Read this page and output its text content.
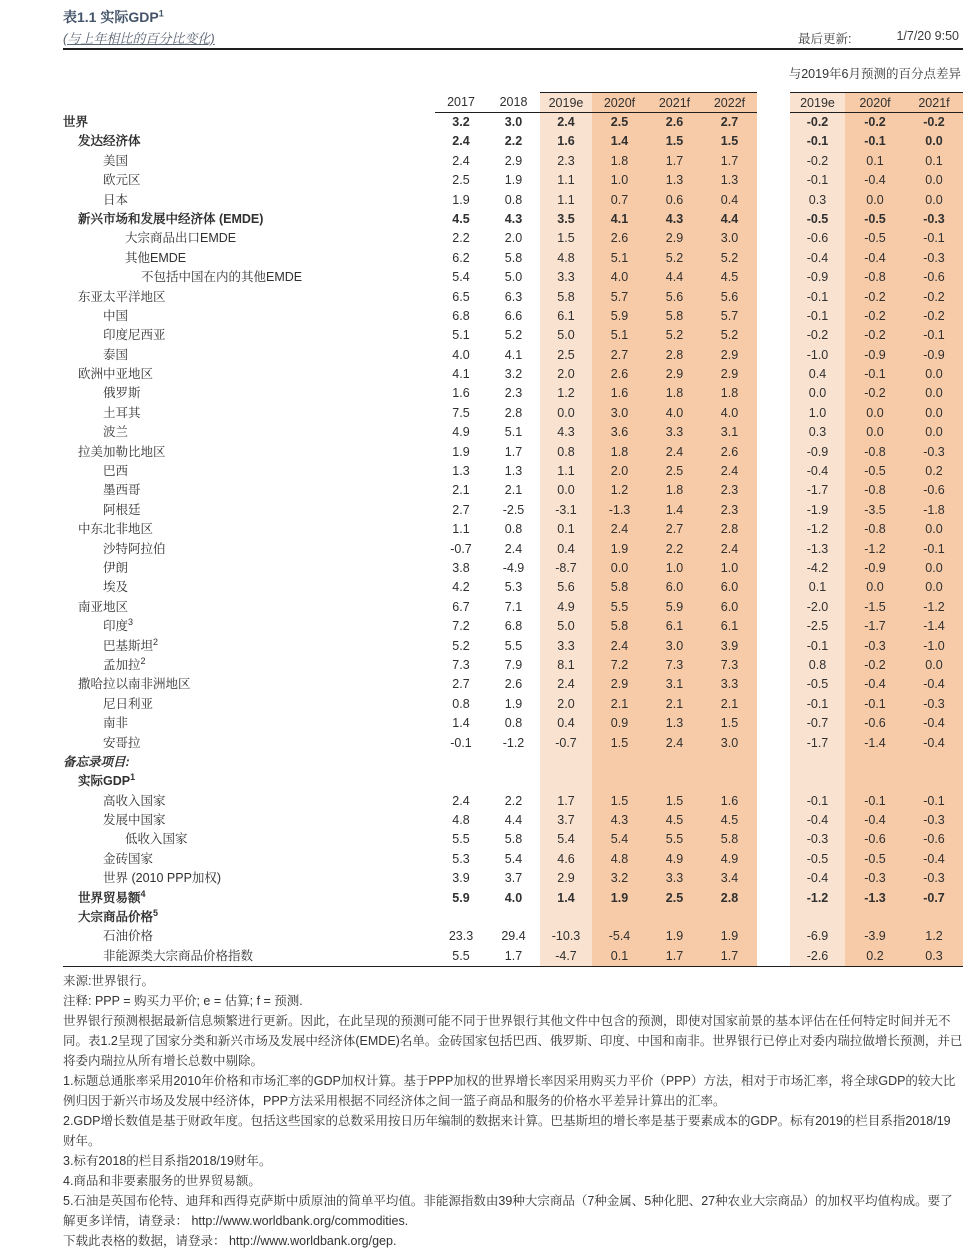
表1.1 实际GDP$^1$
(与上年相比的百分比变化)	最后更新:	1/7/20 9:50
与2019年6月预测的百分点差异
2017	2018	2019e	2020f	2021f	2022f	2019e	2020f	2021f
世界	3.2	3.0	2.4	2.5	2.6	2.7	-0.2	-0.2	-0.2
发达经济体	2.4	2.2	1.6	1.4	1.5	1.5	-0.1	-0.1	0.0
美国	2.4	2.9	2.3	1.8	1.7	1.7	-0.2	0.1	0.1
欧元区	2.5	1.9	1.1	1.0	1.3	1.3	-0.1	-0.4	0.0
日本	1.9	0.8	1.1	0.7	0.6	0.4	0.3	0.0	0.0
新兴市场和发展中经济体 (EMDE)	4.5	4.3	3.5	4.1	4.3	4.4	-0.5	-0.5	-0.3
大宗商品出口EMDE	2.2	2.0	1.5	2.6	2.9	3.0	-0.6	-0.5	-0.1
其他EMDE	6.2	5.8	4.8	5.1	5.2	5.2	-0.4	-0.4	-0.3
不包括中国在内的其他EMDE	5.4	5.0	3.3	4.0	4.4	4.5	-0.9	-0.8	-0.6
东亚太平洋地区	6.5	6.3	5.8	5.7	5.6	5.6	-0.1	-0.2	-0.2
中国	6.8	6.6	6.1	5.9	5.8	5.7	-0.1	-0.2	-0.2
印度尼西亚	5.1	5.2	5.0	5.1	5.2	5.2	-0.2	-0.2	-0.1
泰国	4.0	4.1	2.5	2.7	2.8	2.9	-1.0	-0.9	-0.9
欧洲中亚地区	4.1	3.2	2.0	2.6	2.9	2.9	0.4	-0.1	0.0
俄罗斯	1.6	2.3	1.2	1.6	1.8	1.8	0.0	-0.2	0.0
土耳其	7.5	2.8	0.0	3.0	4.0	4.0	1.0	0.0	0.0
波兰	4.9	5.1	4.3	3.6	3.3	3.1	0.3	0.0	0.0
拉美加勒比地区	1.9	1.7	0.8	1.8	2.4	2.6	-0.9	-0.8	-0.3
巴西	1.3	1.3	1.1	2.0	2.5	2.4	-0.4	-0.5	0.2
墨西哥	2.1	2.1	0.0	1.2	1.8	2.3	-1.7	-0.8	-0.6
阿根廷	2.7	-2.5	-3.1	-1.3	1.4	2.3	-1.9	-3.5	-1.8
中东北非地区	1.1	0.8	0.1	2.4	2.7	2.8	-1.2	-0.8	0.0
沙特阿拉伯	-0.7	2.4	0.4	1.9	2.2	2.4	-1.3	-1.2	-0.1
伊朗	3.8	-4.9	-8.7	0.0	1.0	1.0	-4.2	-0.9	0.0
埃及	4.2	5.3	5.6	5.8	6.0	6.0	0.1	0.0	0.0
南亚地区	6.7	7.1	4.9	5.5	5.9	6.0	-2.0	-1.5	-1.2
印度$^3$	7.2	6.8	5.0	5.8	6.1	6.1	-2.5	-1.7	-1.4
巴基斯坦$^2$	5.2	5.5	3.3	2.4	3.0	3.9	-0.1	-0.3	-1.0
孟加拉$^2$	7.3	7.9	8.1	7.2	7.3	7.3	0.8	-0.2	0.0
撒哈拉以南非洲地区	2.7	2.6	2.4	2.9	3.1	3.3	-0.5	-0.4	-0.4
尼日利亚	0.8	1.9	2.0	2.1	2.1	2.1	-0.1	-0.1	-0.3
南非	1.4	0.8	0.4	0.9	1.3	1.5	-0.7	-0.6	-0.4
安哥拉	-0.1	-1.2	-0.7	1.5	2.4	3.0	-1.7	-1.4	-0.4
备忘录项目:
实际GDP$^1$
高收入国家	2.4	2.2	1.7	1.5	1.5	1.6	-0.1	-0.1	-0.1
发展中国家	4.8	4.4	3.7	4.3	4.5	4.5	-0.4	-0.4	-0.3
低收入国家	5.5	5.8	5.4	5.4	5.5	5.8	-0.3	-0.6	-0.6
金砖国家	5.3	5.4	4.6	4.8	4.9	4.9	-0.5	-0.5	-0.4
世界 (2010 PPP加权)	3.9	3.7	2.9	3.2	3.3	3.4	-0.4	-0.3	-0.3
世界贸易额$^4$	5.9	4.0	1.4	1.9	2.5	2.8	-1.2	-1.3	-0.7
大宗商品价格$^5$
石油价格	23.3	29.4	-10.3	-5.4	1.9	1.9	-6.9	-3.9	1.2
非能源类大宗商品价格指数	5.5	1.7	-4.7	0.1	1.7	1.7	-2.6	0.2	0.3
来源:世界银行。
注释: PPP = 购买力平价; e = 估算; f = 预测.
世界银行预测根据最新信息频繁进行更新。因此，在此呈现的预测可能不同于世界银行其他文件中包含的预测，即使对国家前景的基本评估在任何特定时间并无不同。表1.2呈现了国家分类和新兴市场及发展中经济体(EMDE)名单。金砖国家包括巴西、俄罗斯、印度、中国和南非。世界银行已停止对委内瑞拉做增长预测，并已将委内瑞拉从所有增长总数中剔除。
1.标题总通胀率采用2010年价格和市场汇率的GDP加权计算。基于PPP加权的世界增长率因采用购买力平价（PPP）方法，相对于市场汇率，将全球GDP的较大比例归因于新兴市场及发展中经济体，PPP方法采用根据不同经济体之间一篮子商品和服务的价格水平差异计算出的汇率。
2.GDP增长数值是基于财政年度。包括这些国家的总数采用按日历年编制的数据来计算。巴基斯坦的增长率是基于要素成本的GDP。标有2019的栏目系指2018/19财年。
3.标有2018的栏目系指2018/19财年。
4.商品和非要素服务的世界贸易额。
5.石油是英国布伦特、迪拜和西得克萨斯中质原油的简单平均值。非能源指数由39种大宗商品（7种金属、5种化肥、27种农业大宗商品）的加权平均值构成。要了解更多详情，请登录： http://www.worldbank.org/commodities.
下载此表格的数据，请登录： http://www.worldbank.org/gep.
